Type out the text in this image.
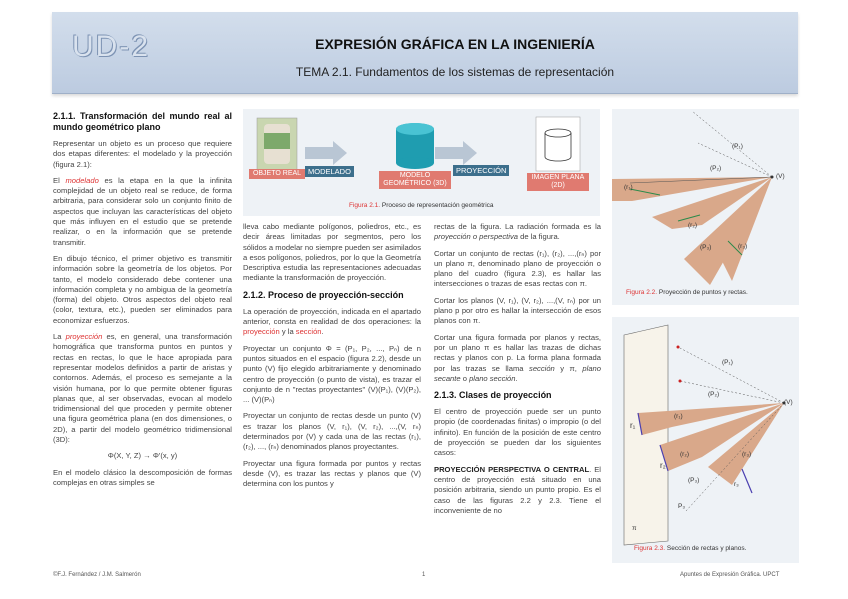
UD-2	EXPRESIÓN GRÁFICA EN LA INGENIERÍA
TEMA 2.1. Fundamentos de los sistemas de representación
2.1.1. Transformación del mundo real al mundo geométrico plano

Representar un objeto es un proceso que requiere dos etapas diferentes: el modelado y la proyección (figura 2.1):

El modelado es la etapa en la que la infinita complejidad de un objeto real se reduce, de forma arbitraria, para considerar solo un conjunto finito de aspectos que incluyan las características del objeto que más influyen en el estudio que se pretende realizar, o en la información que se pretende transmitir.

En dibujo técnico, el primer objetivo es transmitir información sobre la geometría de los objetos. Por tanto, el modelo considerado debe contener una información completa y no ambigua de la geometría (forma) del objeto. Otros aspectos del objeto real (color, textura, etc.), pueden ser eliminados para economizar esfuerzos.

La proyección es, en general, una transformación homográfica que transforma puntos en puntos y rectas en rectas, lo que le hace apropiada para representar modelos definidos a partir de aristas y contornos. Además, el proceso es semejante a la visión humana, por lo que permite obtener figuras planas que, al ser observadas, evocan al modelo tridimensional del que proceden y permite obtener una figura geométrica plana (en dos dimensiones, o 2D), a partir del modelo geométrico tridimensional (3D):

Φ(X, Y, Z) → Φ'(x, y)

En el modelo clásico la descomposición de formas complejas en otras simples se

OBJETO REAL MODELADO	MODELO GEOMÉTRICO (3D)
PROYECCIÓN
IMAGEN PLANA (2D)
Figura 2.1. Proceso de representación geométrica

lleva cabo mediante polígonos, poliedros, etc., es decir áreas limitadas por segmentos, pero los sólidos a modelar no siempre pueden ser asimilados a esos polígonos, poliedros, por lo que la Geometría Descriptiva estudia las representaciones adecuadas mediante la transformación de proyección.

2.1.2. Proceso de proyección-sección

La operación de proyección, indicada en el apartado anterior, consta en realidad de dos operaciones: la proyección y la sección.

Proyectar un conjunto Φ = (P₁, P₂, ..., Pₙ) de n puntos situados en el espacio (figura 2.2), desde un punto (V) fijo elegido arbitrariamente y denominado centro de proyección (o punto de vista), es trazar el conjunto de n "rectas proyectantes" (V)(P₁), (V)(P₂), ... (V)(Pₙ)

Proyectar un conjunto de rectas desde un punto (V) es trazar los planos (V, r₁), (V, r₂), ...,(V, rₙ) determinados por (V) y cada una de las rectas (r₁), (r₂), ..., (rₙ) denominados planos proyectantes.

Proyectar una figura formada por puntos y rectas desde (V), es trazar las rectas y planos que (V) determina con los puntos y

rectas de la figura. La radiación formada es la proyección o perspectiva de la figura.

Cortar un conjunto de rectas (r₁), (r₂), ...,(rₙ) por un plano π, denominado plano de proyección o plano del cuadro (figura 2.3), es hallar las intersecciones o trazas de esas rectas con π.

Cortar los planos (V, r₁), (V, r₂), ...,(V, rₙ) por un plano p por otro es hallar la intersección de esos planos con π.

Cortar una figura formada por planos y rectas, por un plano π es hallar las trazas de dichas rectas y planos con p. La forma plana formada por las trazas se llama sección y π, plano secante o plano sección.

2.1.3. Clases de proyección

El centro de proyección puede ser un punto propio (de coordenadas finitas) o impropio (o del infinito). En función de la posición de este centro de proyección se pueden dar los siguientes casos:

PROYECCIÓN PERSPECTIVA O CENTRAL. El centro de proyección está situado en una posición arbitraria, siendo un punto propio. Es el caso de las figuras 2.2 y 2.3. Tiene el inconveniente de no

(P₁)
(P₂)
(V)
(r₁)
(r₂)
(P₃)	(r₃)
Figura 2.2. Proyección de puntos y rectas.
(P₁)
(P₂)
(V)
(r₁)
r₁
(r₂)
r₂
(P₃)
P₃
(r₃)
r₃
π
Figura 2.3. Sección de rectas y planos.
©F.J. Fernández / J.M. Salmerón	1	Apuntes de Expresión Gráfica. UPCT
